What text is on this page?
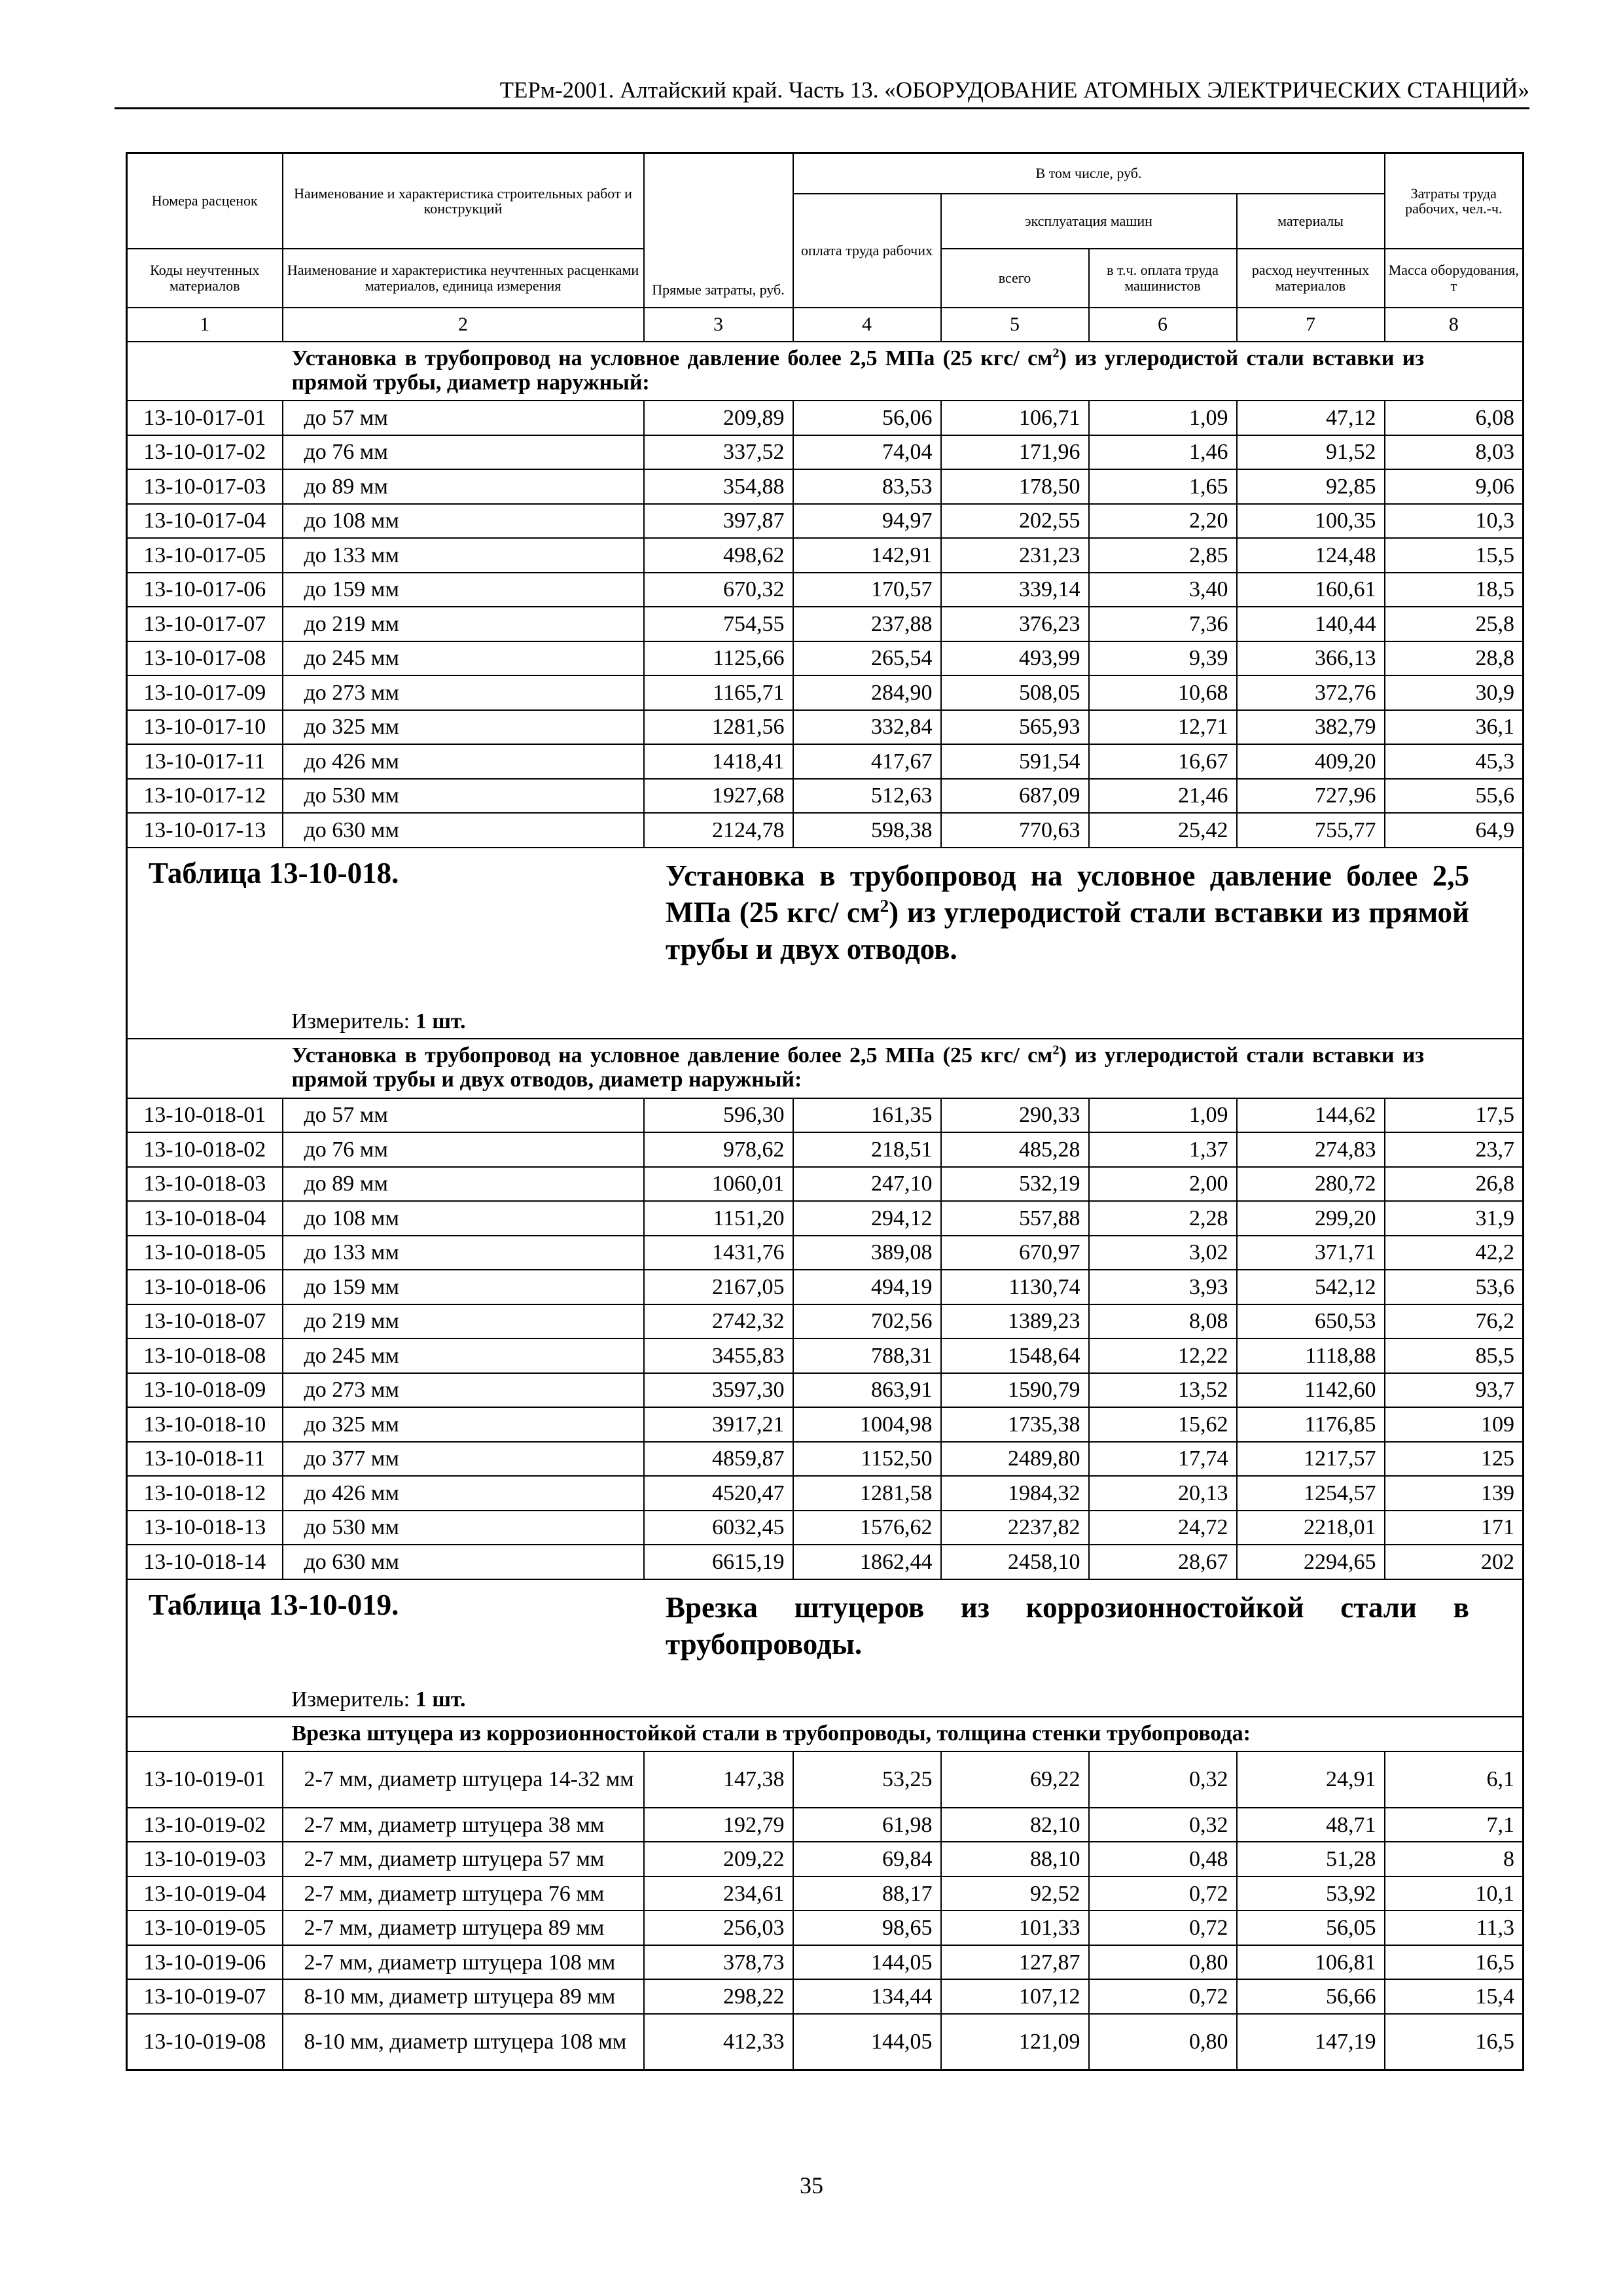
ТЕРм-2001. Алтайский край. Часть 13. «ОБОРУДОВАНИЕ АТОМНЫХ ЭЛЕКТРИЧЕСКИХ СТАНЦИЙ»
Номера расценок	Наименование и характеристика строительных работ и конструкций	Прямые затраты, руб.	В том числе, руб.				Затраты труда рабочих, чел.-ч.
			оплата труда рабочих	эксплуатация машин		материалы	
Коды неучтенных материалов	Наименование и характеристика неучтенных расценками материалов, единица измерения			всего	в т.ч. оплата труда машинистов	расход неучтенных материалов	Масса оборудования, т
1	2	3	4	5	6	7	8
	Установка в трубопровод на условное давление более 2,5 МПа (25 кгс/ $см^2$) из углеродистой стали вставки из прямой трубы, диаметр наружный:						
13-10-017-01	до 57 мм	209,89	56,06	106,71	1,09	47,12	6,08
13-10-017-02	до 76 мм	337,52	74,04	171,96	1,46	91,52	8,03
13-10-017-03	до 89 мм	354,88	83,53	178,50	1,65	92,85	9,06
13-10-017-04	до 108 мм	397,87	94,97	202,55	2,20	100,35	10,3
13-10-017-05	до 133 мм	498,62	142,91	231,23	2,85	124,48	15,5
13-10-017-06	до 159 мм	670,32	170,57	339,14	3,40	160,61	18,5
13-10-017-07	до 219 мм	754,55	237,88	376,23	7,36	140,44	25,8
13-10-017-08	до 245 мм	1125,66	265,54	493,99	9,39	366,13	28,8
13-10-017-09	до 273 мм	1165,71	284,90	508,05	10,68	372,76	30,9
13-10-017-10	до 325 мм	1281,56	332,84	565,93	12,71	382,79	36,1
13-10-017-11	до 426 мм	1418,41	417,67	591,54	16,67	409,20	45,3
13-10-017-12	до 530 мм	1927,68	512,63	687,09	21,46	727,96	55,6
13-10-017-13	до 630 мм	2124,78	598,38	770,63	25,42	755,77	64,9

Таблица 13-10-018. Установка в трубопровод на условное давление более 2,5 МПа (25 кгс/ $см^2$) из углеродистой стали вставки из прямой трубы и двух отводов.
Измеритель: 1 шт.							

	Установка в трубопровод на условное давление более 2,5 МПа (25 кгс/ $см^2$) из углеродистой стали вставки из прямой трубы и двух отводов, диаметр наружный:						
13-10-018-01	до 57 мм	596,30	161,35	290,33	1,09	144,62	17,5
13-10-018-02	до 76 мм	978,62	218,51	485,28	1,37	274,83	23,7
13-10-018-03	до 89 мм	1060,01	247,10	532,19	2,00	280,72	26,8
13-10-018-04	до 108 мм	1151,20	294,12	557,88	2,28	299,20	31,9
13-10-018-05	до 133 мм	1431,76	389,08	670,97	3,02	371,71	42,2
13-10-018-06	до 159 мм	2167,05	494,19	1130,74	3,93	542,12	53,6
13-10-018-07	до 219 мм	2742,32	702,56	1389,23	8,08	650,53	76,2
13-10-018-08	до 245 мм	3455,83	788,31	1548,64	12,22	1118,88	85,5
13-10-018-09	до 273 мм	3597,30	863,91	1590,79	13,52	1142,60	93,7
13-10-018-10	до 325 мм	3917,21	1004,98	1735,38	15,62	1176,85	109
13-10-018-11	до 377 мм	4859,87	1152,50	2489,80	17,74	1217,57	125
13-10-018-12	до 426 мм	4520,47	1281,58	1984,32	20,13	1254,57	139
13-10-018-13	до 530 мм	6032,45	1576,62	2237,82	24,72	2218,01	171
13-10-018-14	до 630 мм	6615,19	1862,44	2458,10	28,67	2294,65	202

Таблица 13-10-019. Врезка штуцеров из коррозионностойкой стали в трубопроводы.
Измеритель: 1 шт.							

	Врезка штуцера из коррозионностойкой стали в трубопроводы, толщина стенки трубопровода:						
13-10-019-01	2-7 мм, диаметр штуцера 14-32 мм	147,38	53,25	69,22	0,32	24,91	6,1
13-10-019-02	2-7 мм, диаметр штуцера 38 мм	192,79	61,98	82,10	0,32	48,71	7,1
13-10-019-03	2-7 мм, диаметр штуцера 57 мм	209,22	69,84	88,10	0,48	51,28	8
13-10-019-04	2-7 мм, диаметр штуцера 76 мм	234,61	88,17	92,52	0,72	53,92	10,1
13-10-019-05	2-7 мм, диаметр штуцера 89 мм	256,03	98,65	101,33	0,72	56,05	11,3
13-10-019-06	2-7 мм, диаметр штуцера 108 мм	378,73	144,05	127,87	0,80	106,81	16,5
13-10-019-07	8-10 мм, диаметр штуцера 89 мм	298,22	134,44	107,12	0,72	56,66	15,4
13-10-019-08	8-10 мм, диаметр штуцера 108 мм	412,33	144,05	121,09	0,80	147,19	16,5
35
